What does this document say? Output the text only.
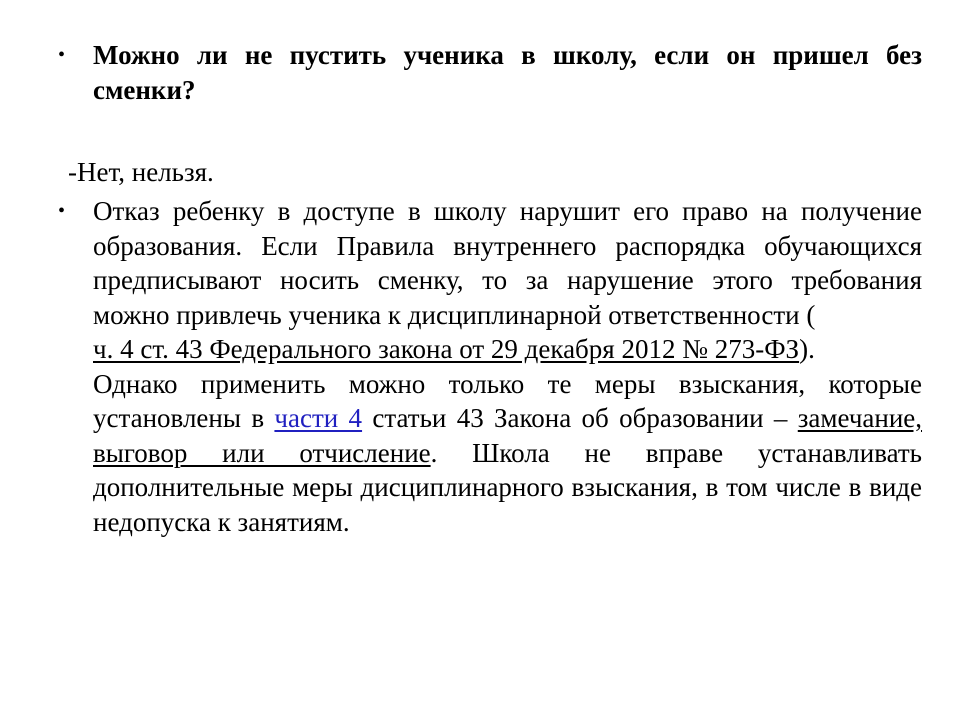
• Можно ли не пустить ученика в школу, если он пришел без сменки?
-Нет, нельзя.
• Отказ ребенку в доступе в школу нарушит его право на получение образования. Если Правила внутреннего распорядка обучающихся предписывают носить сменку, то за нарушение этого требования можно привлечь ученика к дисциплинарной ответственности (
ч. 4 ст. 43 Федерального закона от 29 декабря 2012 № 273-ФЗ).

Однако применить можно только те меры взыскания, которые установлены в части 4 статьи 43 Закона об образовании – замечание, выговор или отчисление. Школа не вправе устанавливать дополнительные меры дисциплинарного взыскания, в том числе в виде недопуска к занятиям.
